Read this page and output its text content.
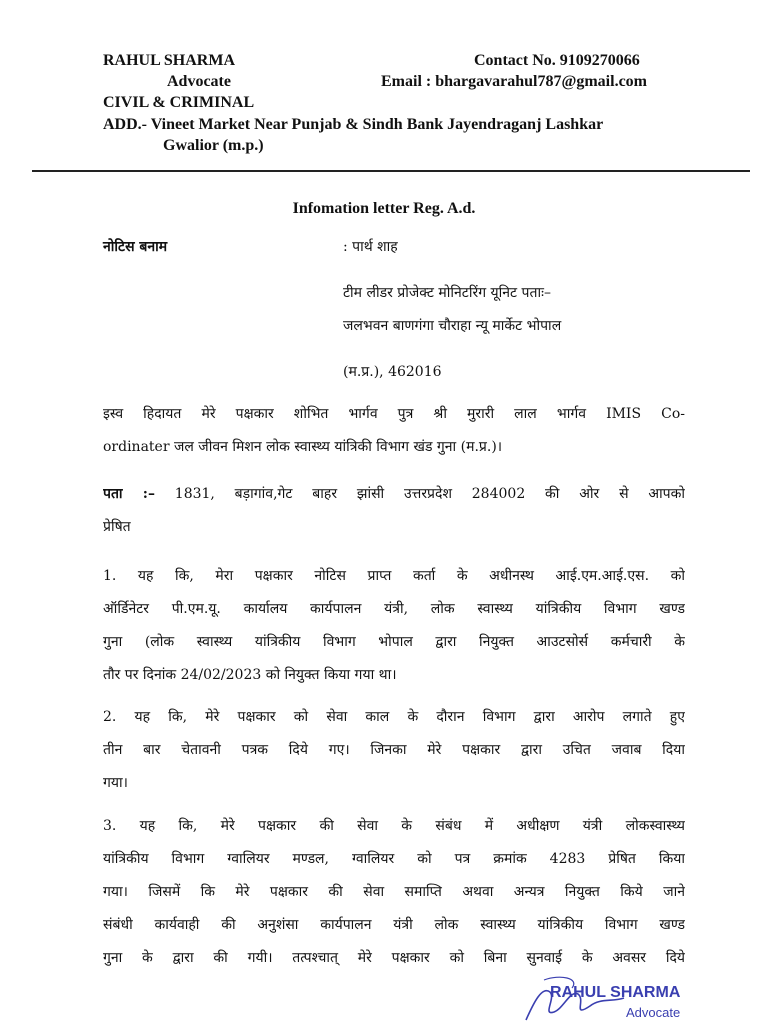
RAHUL SHARMA
Advocate
CIVIL & CRIMINAL
ADD.- Vineet Market Near Punjab & Sindh Bank Jayendraganj Lashkar
Gwalior (m.p.)
Contact No. 9109270066
Email : bhargavarahul787@gmail.com
Infomation letter Reg. A.d.
नोटिस बनाम	: पार्थ शाह
टीम लीडर प्रोजेक्ट मोनिटरिंग यूनिट पताः–
जलभवन बाणगंगा चौराहा न्यू मार्केट भोपाल
(म.प्र.), 462016
इस्व हिदायत मेरे पक्षकार शोभित भार्गव पुत्र श्री मुरारी लाल भार्गव IMIS Co-
ordinater जल जीवन मिशन लोक स्वास्थ्य यांत्रिकी विभाग खंड गुना (म.प्र.)।
पता :– 1831, बड़ागांव,गेट बाहर झांसी उत्तरप्रदेश 284002 की ओर से आपको
प्रेषित
1. यह कि, मेरा पक्षकार नोटिस प्राप्त कर्ता के अधीनस्थ आई.एम.आई.एस. को
ऑर्डिनेटर पी.एम.यू. कार्यालय कार्यपालन यंत्री, लोक स्वास्थ्य यांत्रिकीय विभाग खण्ड
गुना (लोक स्वास्थ्य यांत्रिकीय विभाग भोपाल द्वारा नियुक्त आउटसोर्स कर्मचारी के
तौर पर दिनांक 24/02/2023 को नियुक्त किया गया था।
2. यह कि, मेरे पक्षकार को सेवा काल के दौरान विभाग द्वारा आरोप लगाते हुए
तीन बार चेतावनी पत्रक दिये गए। जिनका मेरे पक्षकार द्वारा उचित जवाब दिया
गया।
3. यह कि, मेरे पक्षकार की सेवा के संबंध में अधीक्षण यंत्री लोकस्वास्थ्य
यांत्रिकीय विभाग ग्वालियर मण्डल, ग्वालियर को पत्र क्रमांक 4283 प्रेषित किया
गया। जिसमें कि मेरे पक्षकार की सेवा समाप्ति अथवा अन्यत्र नियुक्त किये जाने
संबंधी कार्यवाही की अनुशंसा कार्यपालन यंत्री लोक स्वास्थ्य यांत्रिकीय विभाग खण्ड
गुना के द्वारा की गयी। तत्पश्चात् मेरे पक्षकार को बिना सुनवाई के अवसर दिये
RAHUL SHARMA
Advocate
